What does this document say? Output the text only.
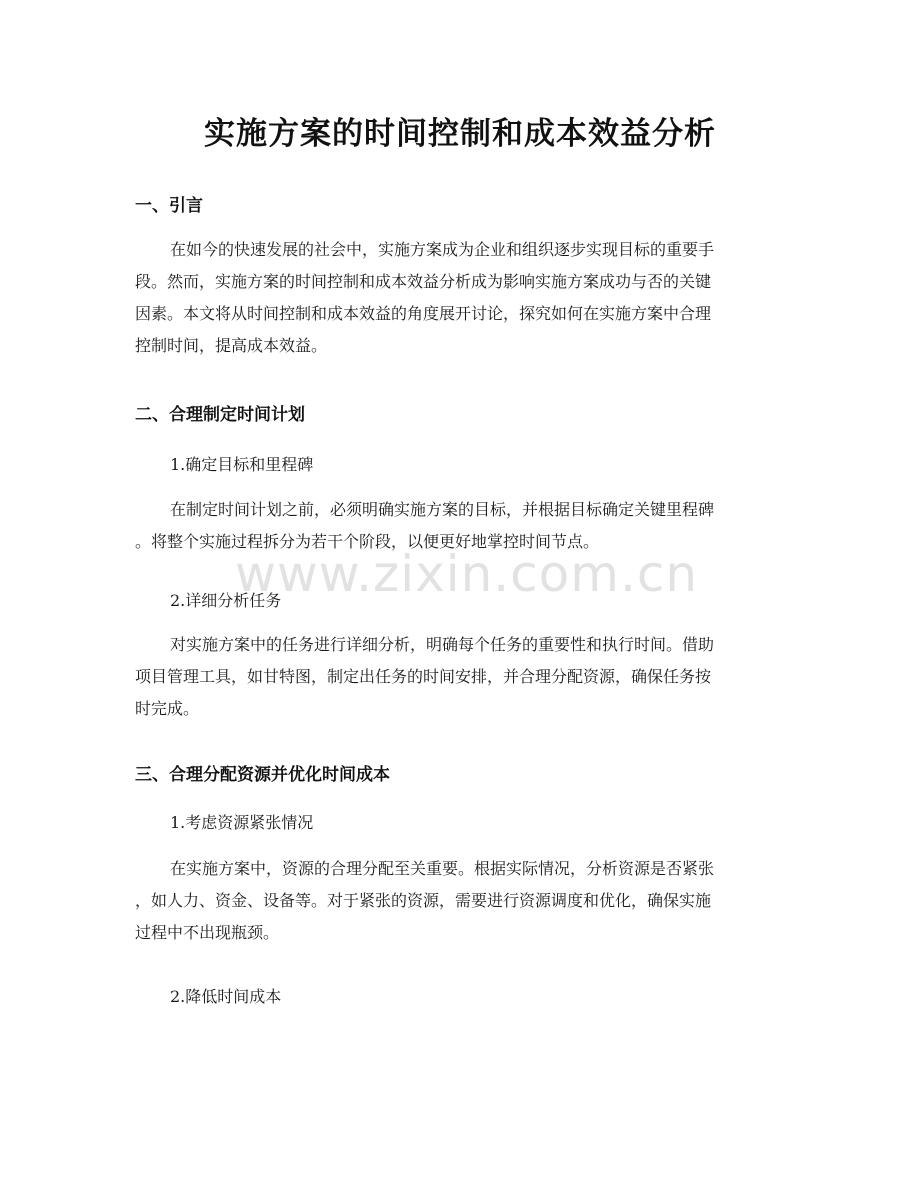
实施方案的时间控制和成本效益分析
一、引言

在如今的快速发展的社会中，实施方案成为企业和组织逐步实现目标的重要手
段。然而，实施方案的时间控制和成本效益分析成为影响实施方案成功与否的关键
因素。本文将从时间控制和成本效益的角度展开讨论，探究如何在实施方案中合理
控制时间，提高成本效益。

二、合理制定时间计划

1.确定目标和里程碑

在制定时间计划之前，必须明确实施方案的目标，并根据目标确定关键里程碑
。将整个实施过程拆分为若干个阶段，以便更好地掌控时间节点。

2.详细分析任务

对实施方案中的任务进行详细分析，明确每个任务的重要性和执行时间。借助
项目管理工具，如甘特图，制定出任务的时间安排，并合理分配资源，确保任务按
时完成。

三、合理分配资源并优化时间成本

1.考虑资源紧张情况

在实施方案中，资源的合理分配至关重要。根据实际情况，分析资源是否紧张
，如人力、资金、设备等。对于紧张的资源，需要进行资源调度和优化，确保实施
过程中不出现瓶颈。

2.降低时间成本

www.zixin.com.cn
